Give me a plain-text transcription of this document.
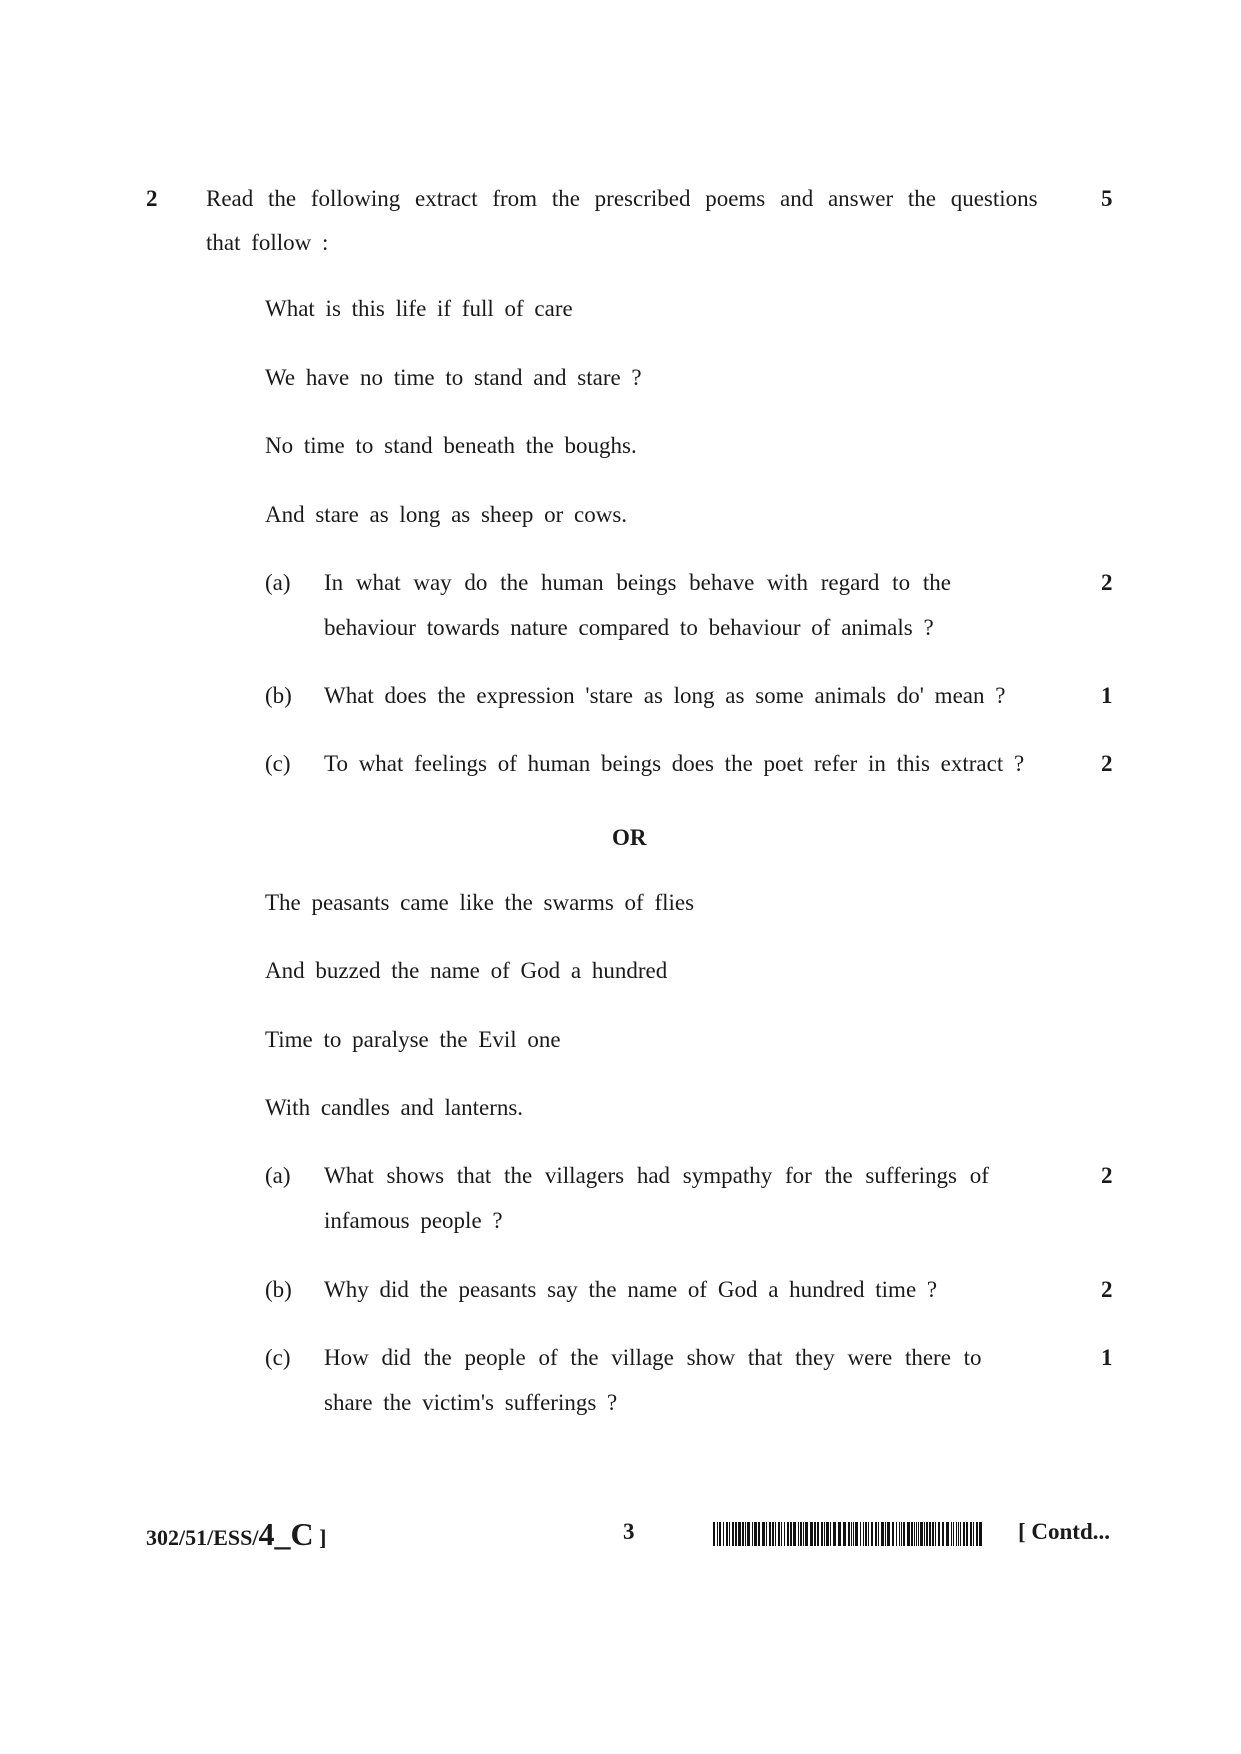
2 Read the following extract from the prescribed poems and answer the questions
that follow :
5
What is this life if full of care
We have no time to stand and stare ?
No time to stand beneath the boughs.
And stare as long as sheep or cows.
(a) In what way do the human beings behave with regard to the
behaviour towards nature compared to behaviour of animals ?
2
(b) What does the expression 'stare as long as some animals do' mean ?	1
(c) To what feelings of human beings does the poet refer in this extract ?	2
OR
The peasants came like the swarms of flies
And buzzed the name of God a hundred
Time to paralyse the Evil one
With candles and lanterns.
(a) What shows that the villagers had sympathy for the sufferings of
infamous people ?
2
(b) Why did the peasants say the name of God a hundred time ?	2
(c) How did the people of the village show that they were there to
share the victim's sufferings ?
1
302/51/ESS/4_C ]	3	[ Contd...
